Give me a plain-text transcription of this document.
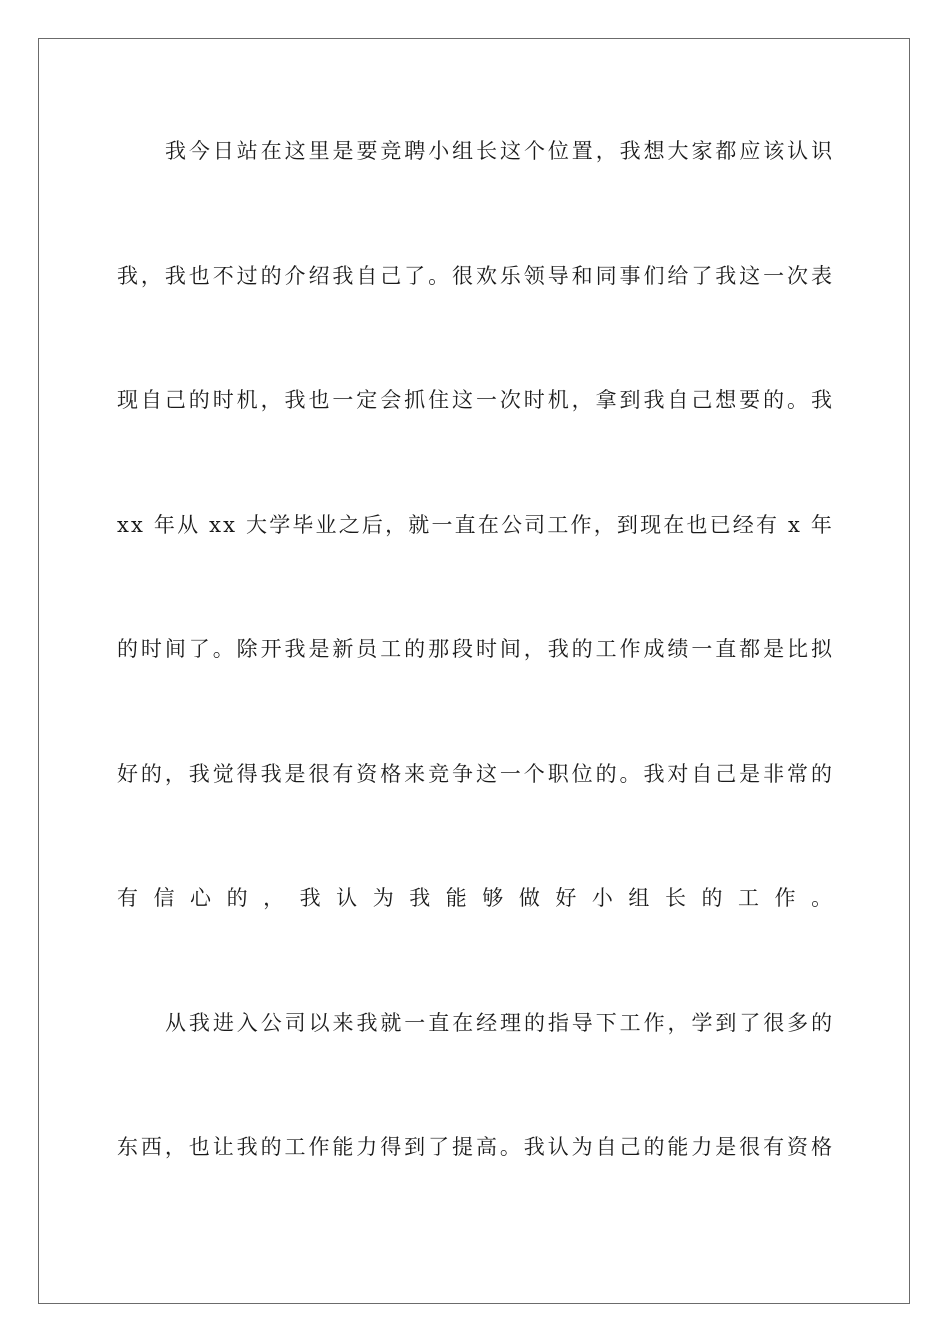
我今日站在这里是要竞聘小组长这个位置，我想大家都应该认识
我，我也不过的介绍我自己了。很欢乐领导和同事们给了我这一次表
现自己的时机，我也一定会抓住这一次时机，拿到我自己想要的。我
xx 年从 xx 大学毕业之后，就一直在公司工作，到现在也已经有 x 年
的时间了。除开我是新员工的那段时间，我的工作成绩一直都是比拟
好的，我觉得我是很有资格来竞争这一个职位的。我对自己是非常的
有信心的，我认为我能够做好小组长的工作。
从我进入公司以来我就一直在经理的指导下工作，学到了很多的
东西，也让我的工作能力得到了提高。我认为自己的能力是很有资格
